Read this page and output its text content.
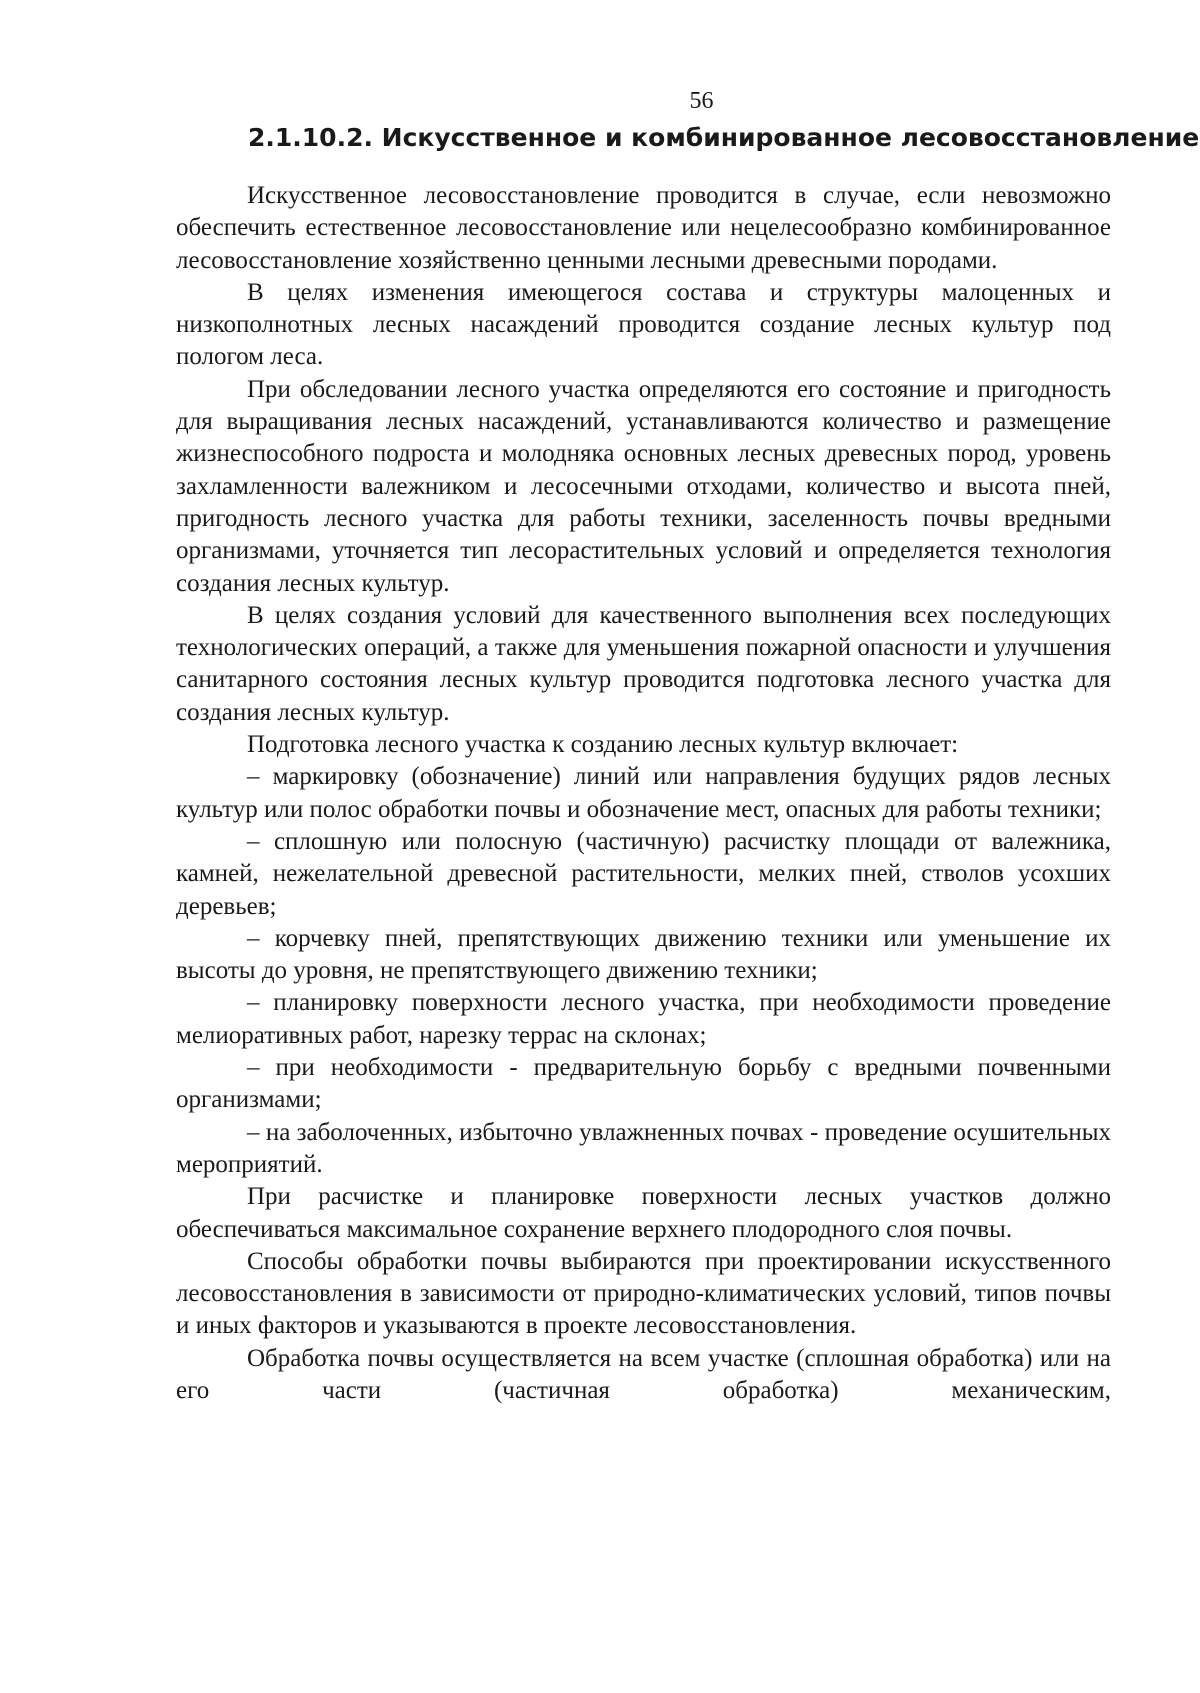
56
2.1.10.2. Искусственное и комбинированное лесовосстановление

Искусственное лесовосстановление проводится в случае, если невозможно обеспечить естественное лесовосстановление или нецелесообразно комбинированное лесовосстановление хозяйственно ценными лесными древесными породами.

В целях изменения имеющегося состава и структуры малоценных и низкополнотных лесных насаждений проводится создание лесных культур под пологом леса.

При обследовании лесного участка определяются его состояние и пригодность для выращивания лесных насаждений, устанавливаются количество и размещение жизнеспособного подроста и молодняка основных лесных древесных пород, уровень захламленности валежником и лесосечными отходами, количество и высота пней, пригодность лесного участка для работы техники, заселенность почвы вредными организмами, уточняется тип лесорастительных условий и определяется технология создания лесных культур.

В целях создания условий для качественного выполнения всех последующих технологических операций, а также для уменьшения пожарной опасности и улучшения санитарного состояния лесных культур проводится подготовка лесного участка для создания лесных культур.

Подготовка лесного участка к созданию лесных культур включает:

– маркировку (обозначение) линий или направления будущих рядов лесных культур или полос обработки почвы и обозначение мест, опасных для работы техники;

– сплошную или полосную (частичную) расчистку площади от валежника, камней, нежелательной древесной растительности, мелких пней, стволов усохших деревьев;

– корчевку пней, препятствующих движению техники или уменьшение их высоты до уровня, не препятствующего движению техники;

– планировку поверхности лесного участка, при необходимости проведение мелиоративных работ, нарезку террас на склонах;

– при необходимости - предварительную борьбу с вредными почвенными организмами;

– на заболоченных, избыточно увлажненных почвах - проведение осушительных мероприятий.

При расчистке и планировке поверхности лесных участков должно обеспечиваться максимальное сохранение верхнего плодородного слоя почвы.

Способы обработки почвы выбираются при проектировании искусственного лесовосстановления в зависимости от природно-климатических условий, типов почвы и иных факторов и указываются в проекте лесовосстановления.

Обработка почвы осуществляется на всем участке (сплошная обработка) или на его части (частичная обработка) механическим,
